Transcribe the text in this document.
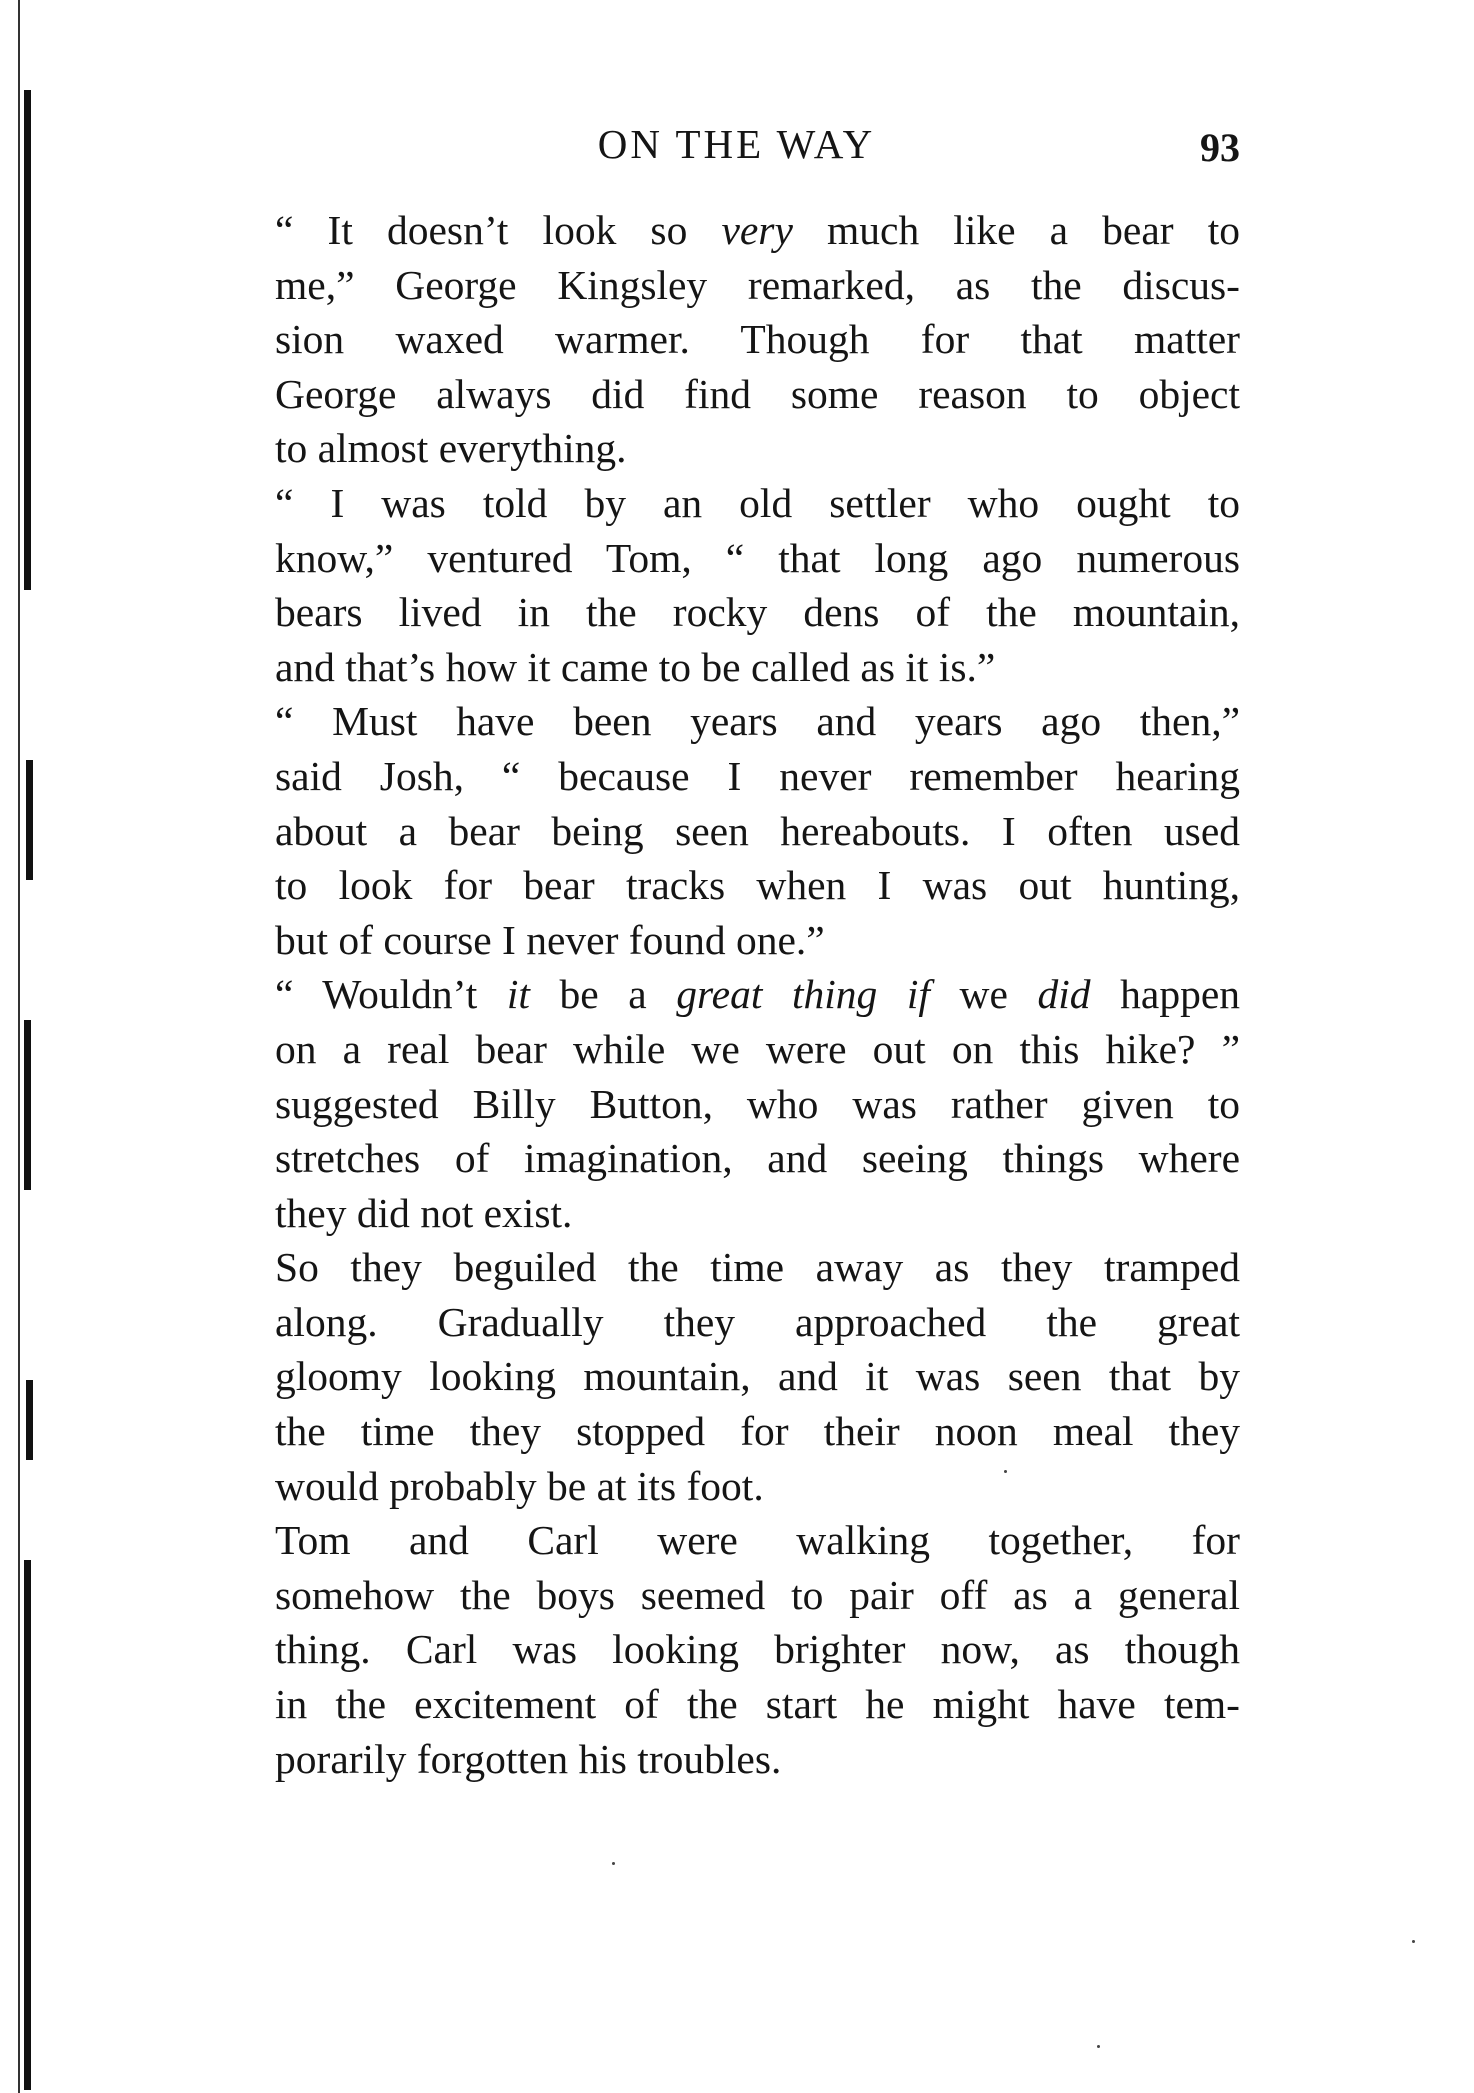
ON THE WAY	93

“ It doesn’t look so very much like a bear to
me,” George Kingsley remarked, as the discus-
sion waxed warmer. Though for that matter
George always did find some reason to object
to almost everything.

“ I was told by an old settler who ought to
know,” ventured Tom, “ that long ago numerous
bears lived in the rocky dens of the mountain,
and that’s how it came to be called as it is.”

“ Must have been years and years ago then,”
said Josh, “ because I never remember hearing
about a bear being seen hereabouts. I often used
to look for bear tracks when I was out hunting,
but of course I never found one.”

“ Wouldn’t it be a great thing if we did happen
on a real bear while we were out on this hike? ”
suggested Billy Button, who was rather given to
stretches of imagination, and seeing things where
they did not exist.

So they beguiled the time away as they tramped
along. Gradually they approached the great
gloomy looking mountain, and it was seen that by
the time they stopped for their noon meal they
would probably be at its foot.

Tom and Carl were walking together, for
somehow the boys seemed to pair off as a general
thing. Carl was looking brighter now, as though
in the excitement of the start he might have tem-
porarily forgotten his troubles.
